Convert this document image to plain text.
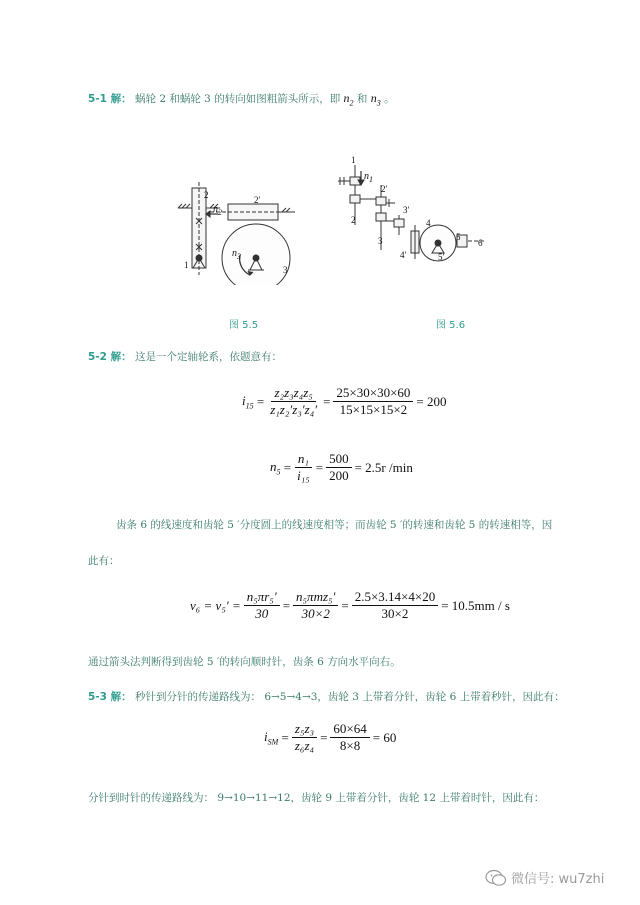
5-1 解： 蜗轮 2 和蜗轮 3 的转向如图粗箭头所示，即 $n_2$ 和 $n_3$ 。
2	2′
$n_2$
$n_3$
1	3
图 5.5
1
$n_1$
2′
2
3′
3
4
4′	5′
5
6
图 5.6
5-2 解： 这是一个定轴轮系，依题意有：
$i_{15} = \frac{\text{z₂z₃z₄z₅}}{\text{z₁z₂′z₃′z₄′}} = \frac{25\times 30\times 30\times 60}{15\times 15\times 15\times 2} = 200$
$n_5 = \frac{\text{n₁}}{\text{i₁₅}} = \frac{500}{200} = 2.5r$ /min
齿条 6 的线速度和齿轮 5 ′分度圆上的线速度相等；而齿轮 5 ′的转速和齿轮 5 的转速相等，因
此有：
$v_6 = v_5' = \frac{\text{n₅πr₅′}}{30} = \frac{\text{n₅πmz₅′}}{30\times 2} = \frac{2.5\times 3.14\times 4\times 20}{30\times 2} = 10.5mm / s$
通过箭头法判断得到齿轮 5 ′的转向顺时针，齿条 6 方向水平向右。
5-3 解： 秒针到分针的传递路线为： 6→5→4→3，齿轮 3 上带着分针，齿轮 6 上带着秒针，因此有：
$i_{SM} = \frac{\text{z₅z₃}}{\text{z₆z₄}} = \frac{60\times 64}{8\times 8} = 60$
分针到时针的传递路线为： 9→10→11→12，齿轮 9 上带着分针，齿轮 12 上带着时针，因此有：
微信号: wu7zhi
